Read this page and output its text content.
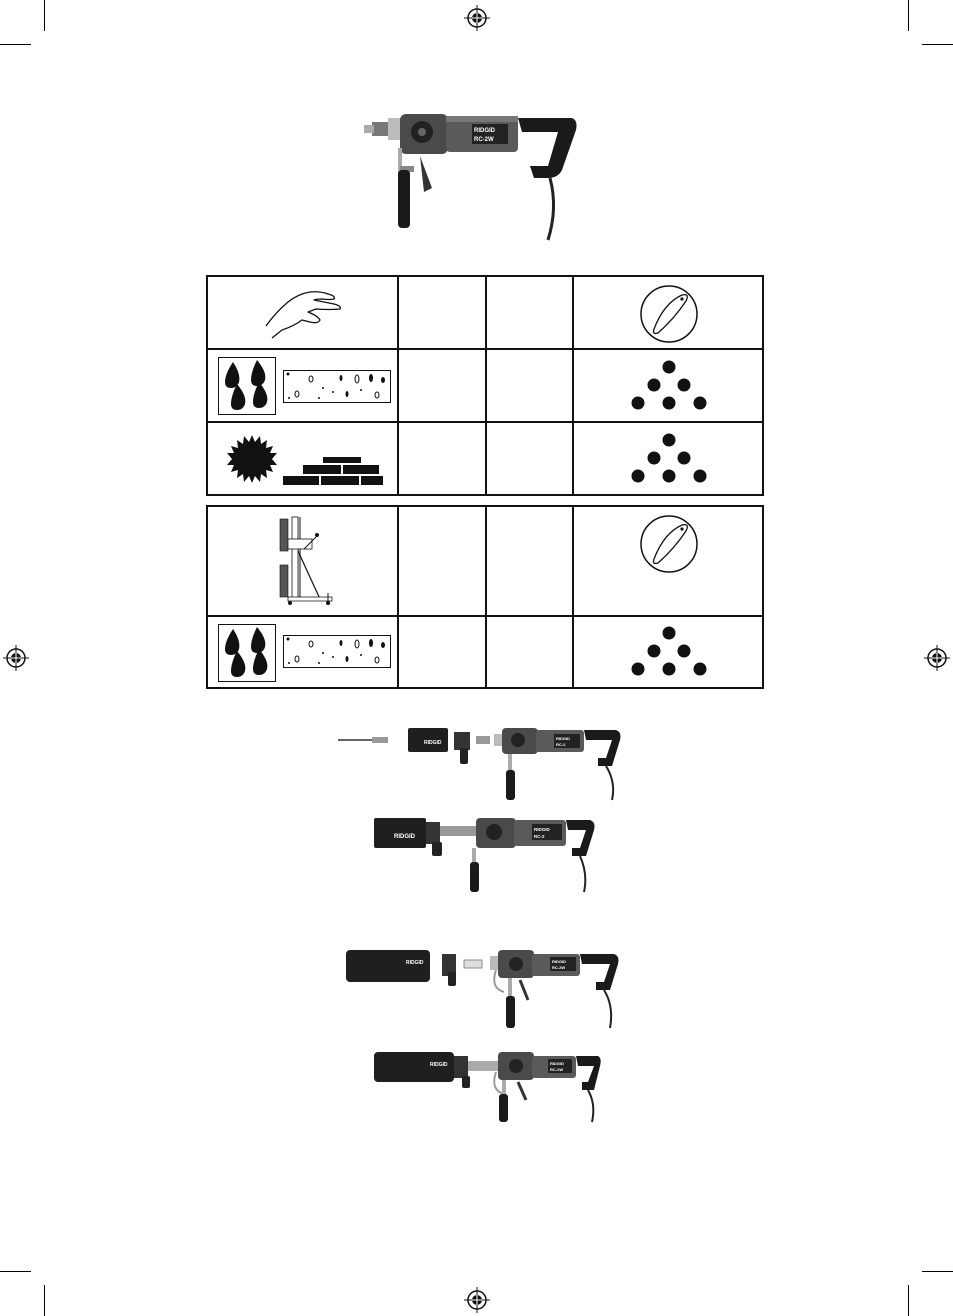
RIDGID
RC-2W
RIDGID
RIDGID
RC-2
RIDGID
RIDGID
RC-2
RIDGID	RIDGID
RC-2W
RIDGID	RIDGID
RC-2W
